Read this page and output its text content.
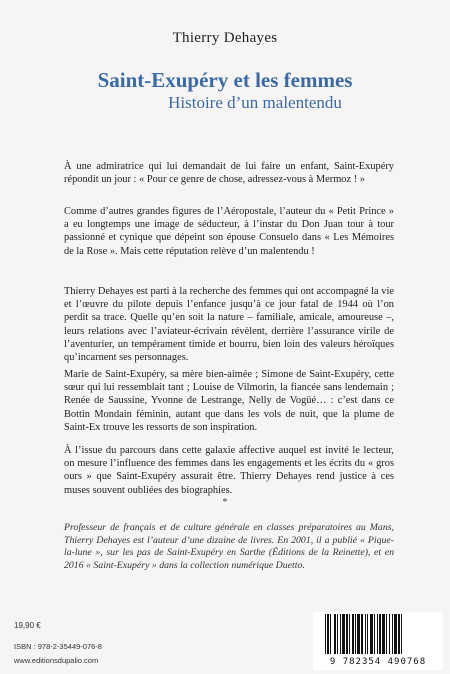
Thierry Dehayes
Saint-Exupéry et les femmes
Histoire d’un malentendu
À une admiratrice qui lui demandait de lui faire un enfant, Saint-Exupéry répondit un jour : « Pour ce genre de chose, adressez-vous à Mermoz ! »
Comme d’autres grandes figures de l’Aéropostale, l’auteur du « Petit Prince » a eu longtemps une image de séducteur, à l’instar du Don Juan tour à tour passionné et cynique que dépeint son épouse Consuelo dans « Les Mémoires de la Rose ». Mais cette réputation relève d’un malentendu !
Thierry Dehayes est parti à la recherche des femmes qui ont accompagné la vie et l’œuvre du pilote depuis l’enfance jusqu’à ce jour fatal de 1944 où l’on perdit sa trace. Quelle qu’en soit la nature – familiale, amicale, amoureuse –, leurs relations avec l’aviateur-écrivain révèlent, derrière l’assurance virile de l’aventurier, un tempérament timide et bourru, bien loin des valeurs héroïques qu’incarnent ses personnages.
Marie de Saint-Exupéry, sa mère bien-aimée ; Simone de Saint-Exupéry, cette sœur qui lui ressemblait tant ; Louise de Vilmorin, la fiancée sans lendemain ; Renée de Saussine, Yvonne de Lestrange, Nelly de Vogüé… : c’est dans ce Bottin Mondain féminin, autant que dans les vols de nuit, que la plume de Saint-Ex trouve les ressorts de son inspiration.
À l’issue du parcours dans cette galaxie affective auquel est invité le lecteur, on mesure l’influence des femmes dans les engagements et les écrits du « gros ours » que Saint-Exupéry assurait être. Thierry Dehayes rend justice à ces muses souvent oubliées des biographies.
*
Professeur de français et de culture générale en classes préparatoires au Mans, Thierry Dehayes est l’auteur d’une dizaine de livres. En 2001, il a publié « Pique-la-lune », sur les pas de Saint-Exupéry en Sarthe (Éditions de la Reinette), et en 2016 « Saint-Exupéry » dans la collection numérique Duetto.
19,90 €
ISBN : 978-2-35449-076-8
www.editionsdupalio.com	9 782354 490768
